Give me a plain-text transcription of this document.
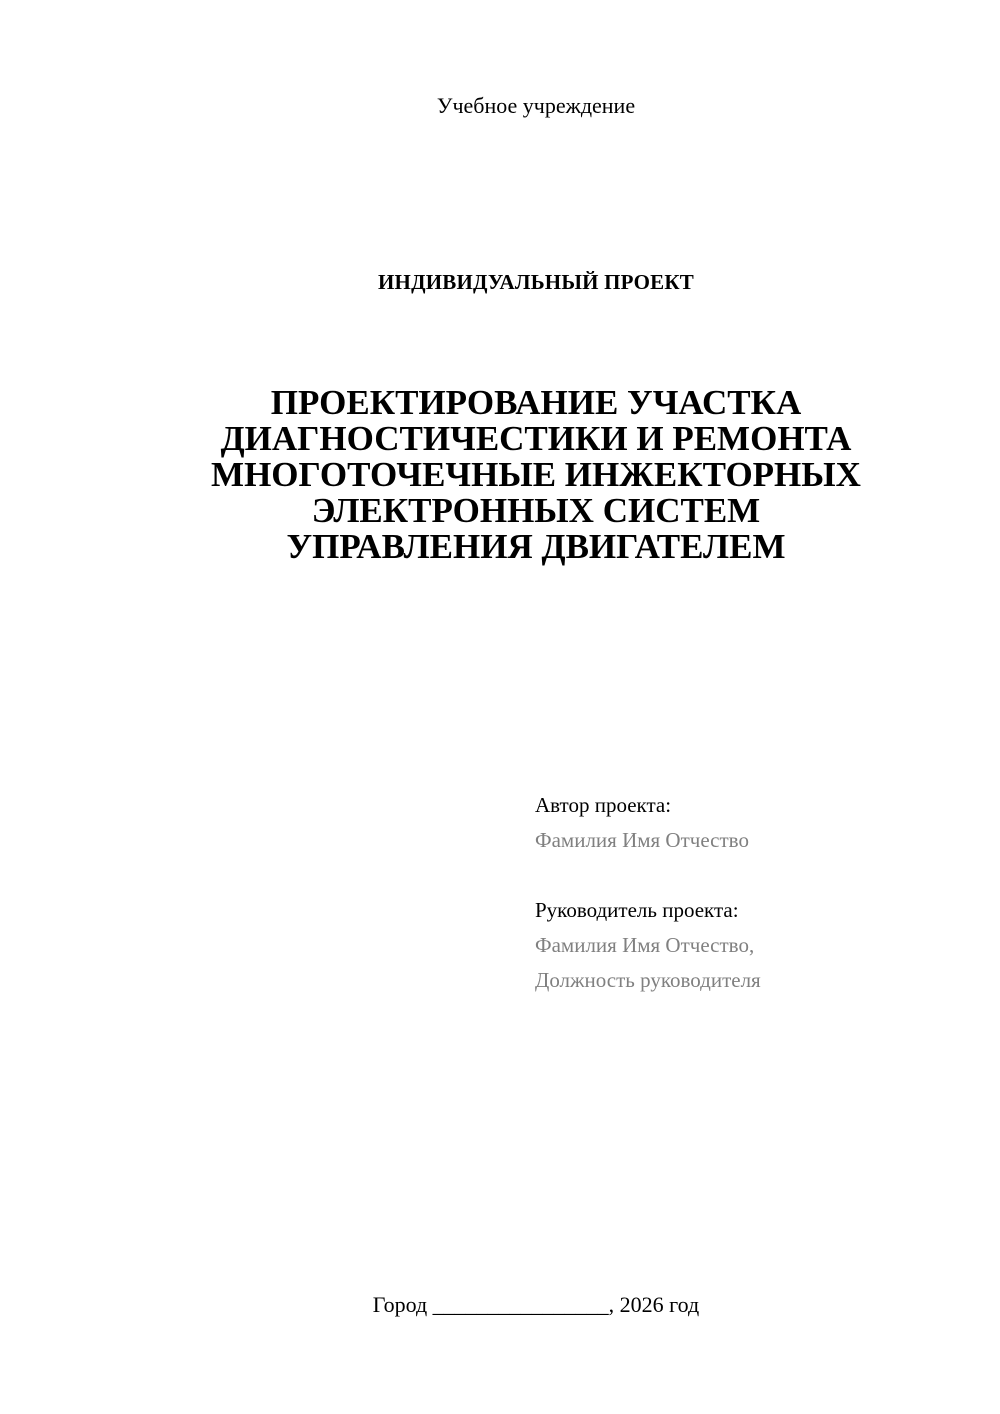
Учебное учреждение
ИНДИВИДУАЛЬНЫЙ ПРОЕКТ
ПРОЕКТИРОВАНИЕ УЧАСТКА
ДИАГНОСТИЧЕСТИКИ И РЕМОНТА
МНОГОТОЧЕЧНЫЕ ИНЖЕКТОРНЫХ
ЭЛЕКТРОННЫХ СИСТЕМ
УПРАВЛЕНИЯ ДВИГАТЕЛЕМ
Автор проекта:
Фамилия Имя Отчество
Руководитель проекта:
Фамилия Имя Отчество,
Должность руководителя
Город ________________, 2026 год
